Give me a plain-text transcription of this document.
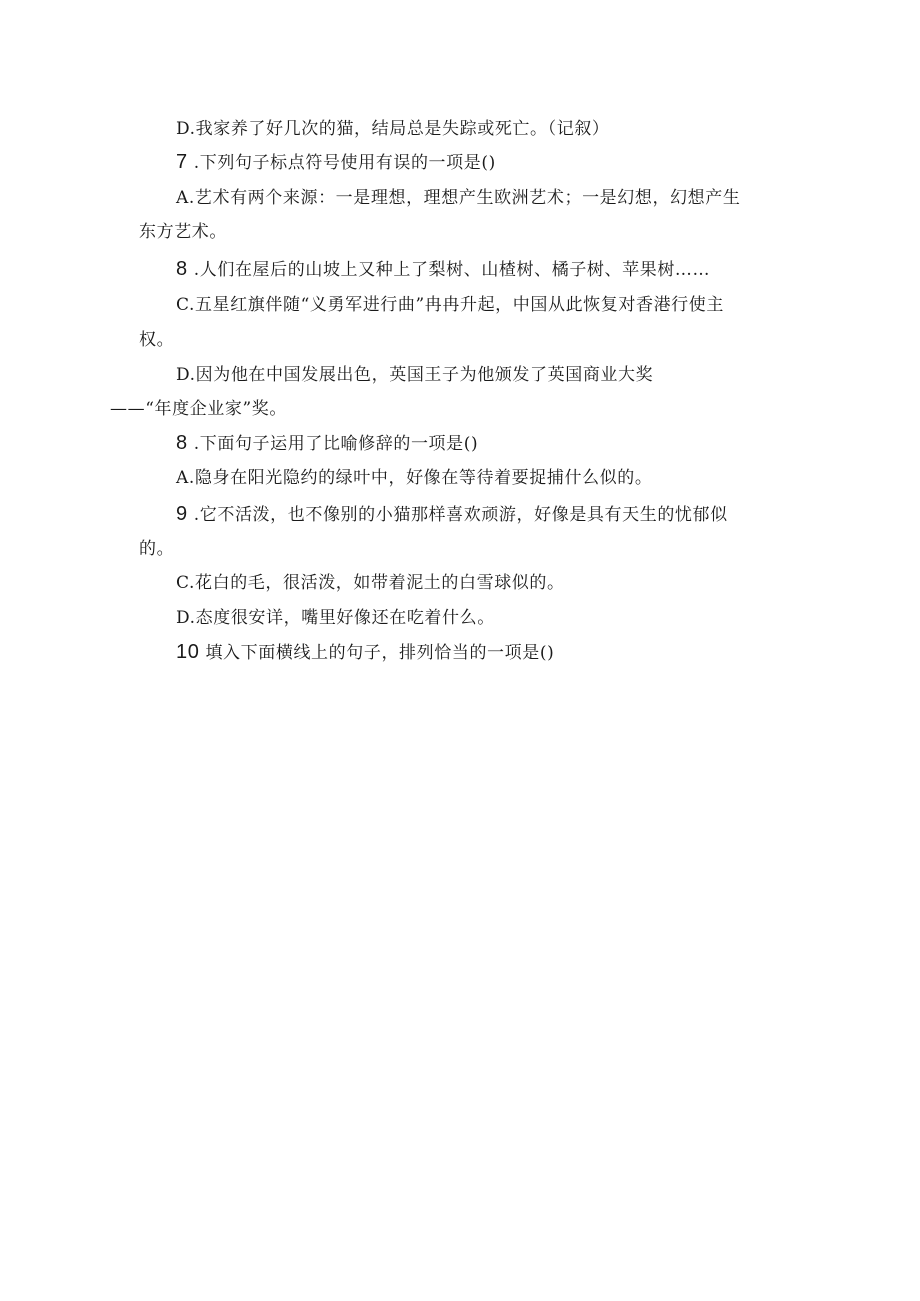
D.我家养了好几次的猫，结局总是失踪或死亡。（记叙）
7 .下列句子标点符号使用有误的一项是()
A.艺术有两个来源：一是理想，理想产生欧洲艺术；一是幻想，幻想产生
东方艺术。
8 .人们在屋后的山坡上又种上了梨树、山楂树、橘子树、苹果树……
C.五星红旗伴随“义勇军进行曲”冉冉升起，中国从此恢复对香港行使主
权。
D.因为他在中国发展出色，英国王子为他颁发了英国商业大奖
——“年度企业家”奖。
8 .下面句子运用了比喻修辞的一项是()
A.隐身在阳光隐约的绿叶中，好像在等待着要捉捕什么似的。
9 .它不活泼，也不像别的小猫那样喜欢顽游，好像是具有天生的忧郁似
的。
C.花白的毛，很活泼，如带着泥土的白雪球似的。
D.态度很安详，嘴里好像还在吃着什么。
10 填入下面横线上的句子，排列恰当的一项是()
